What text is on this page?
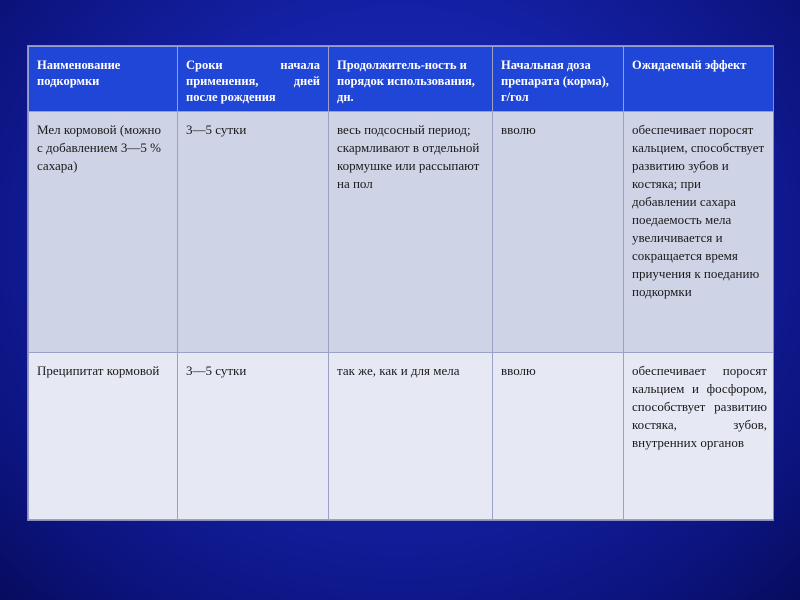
Наименование подкормки	Сроки начала применения, дней после рождения	Продолжитель-ность и порядок использования, дн.	Начальная доза препарата (корма), г/гол	Ожидаемый эффект
Мел кормовой (можно с добавлением 3—5 % сахара)	3—5 сутки	весь подсосный период; скармливают в отдельной кормушке или рассыпают на пол	вволю	обеспечивает поросят кальцием, способствует развитию зубов и костяка; при добавлении сахара поедаемость мела увеличивается и сокращается время приучения к поеданию подкормки
Преципитат кормовой	3—5 сутки	так же, как и для мела	вволю	обеспечивает поросят кальцием и фосфором, способствует развитию костяка, зубов, внутренних органов
